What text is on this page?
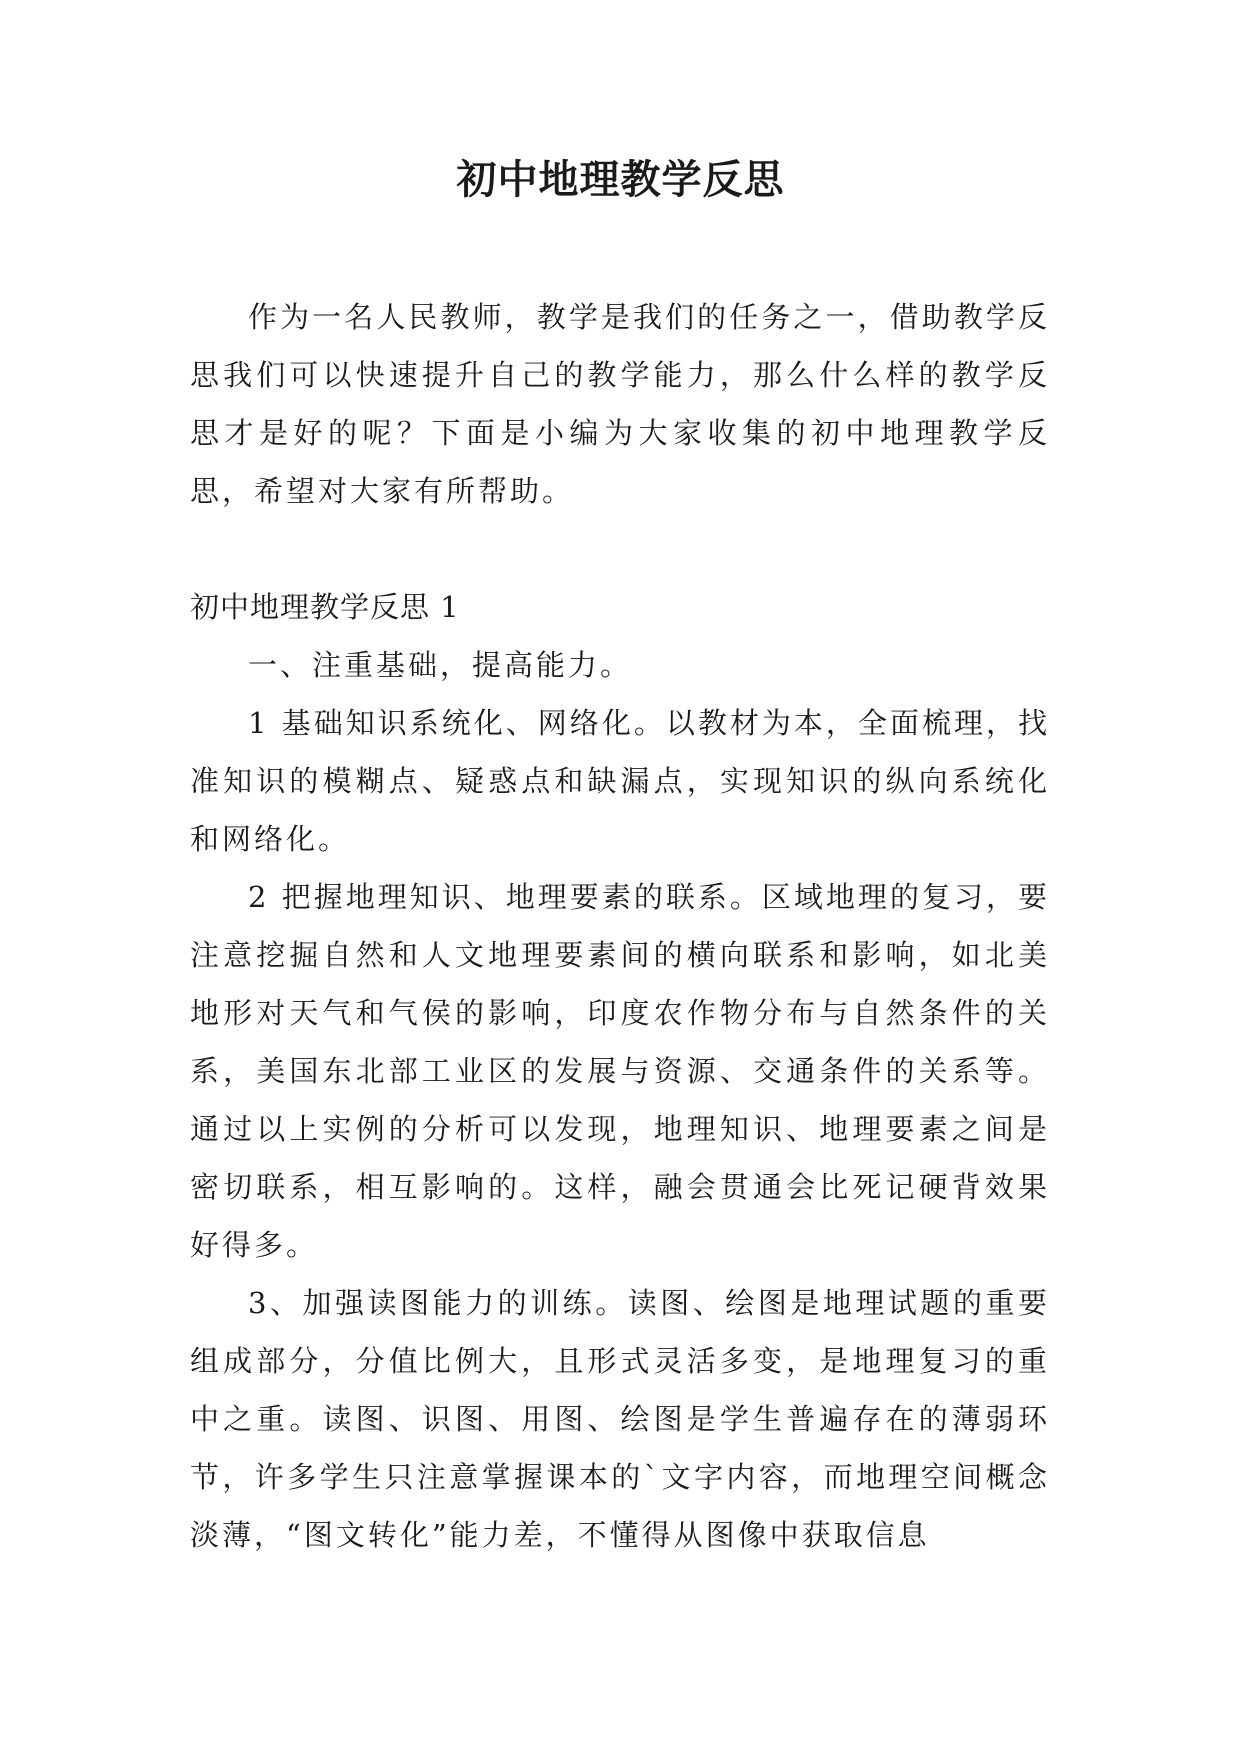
初中地理教学反思

作为一名人民教师，教学是我们的任务之一，借助教学反思我们可以快速提升自己的教学能力，那么什么样的教学反思才是好的呢？下面是小编为大家收集的初中地理教学反思，希望对大家有所帮助。

初中地理教学反思 1

一、注重基础，提高能力。

1 基础知识系统化、网络化。以教材为本，全面梳理，找准知识的模糊点、疑惑点和缺漏点，实现知识的纵向系统化和网络化。

2 把握地理知识、地理要素的联系。区域地理的复习，要注意挖掘自然和人文地理要素间的横向联系和影响，如北美地形对天气和气侯的影响，印度农作物分布与自然条件的关系，美国东北部工业区的发展与资源、交通条件的关系等。通过以上实例的分析可以发现，地理知识、地理要素之间是密切联系，相互影响的。这样，融会贯通会比死记硬背效果好得多。

3、加强读图能力的训练。读图、绘图是地理试题的重要组成部分，分值比例大，且形式灵活多变，是地理复习的重中之重。读图、识图、用图、绘图是学生普遍存在的薄弱环节，许多学生只注意掌握课本的`文字内容，而地理空间概念淡薄，“图文转化”能力差，不懂得从图像中获取信息
